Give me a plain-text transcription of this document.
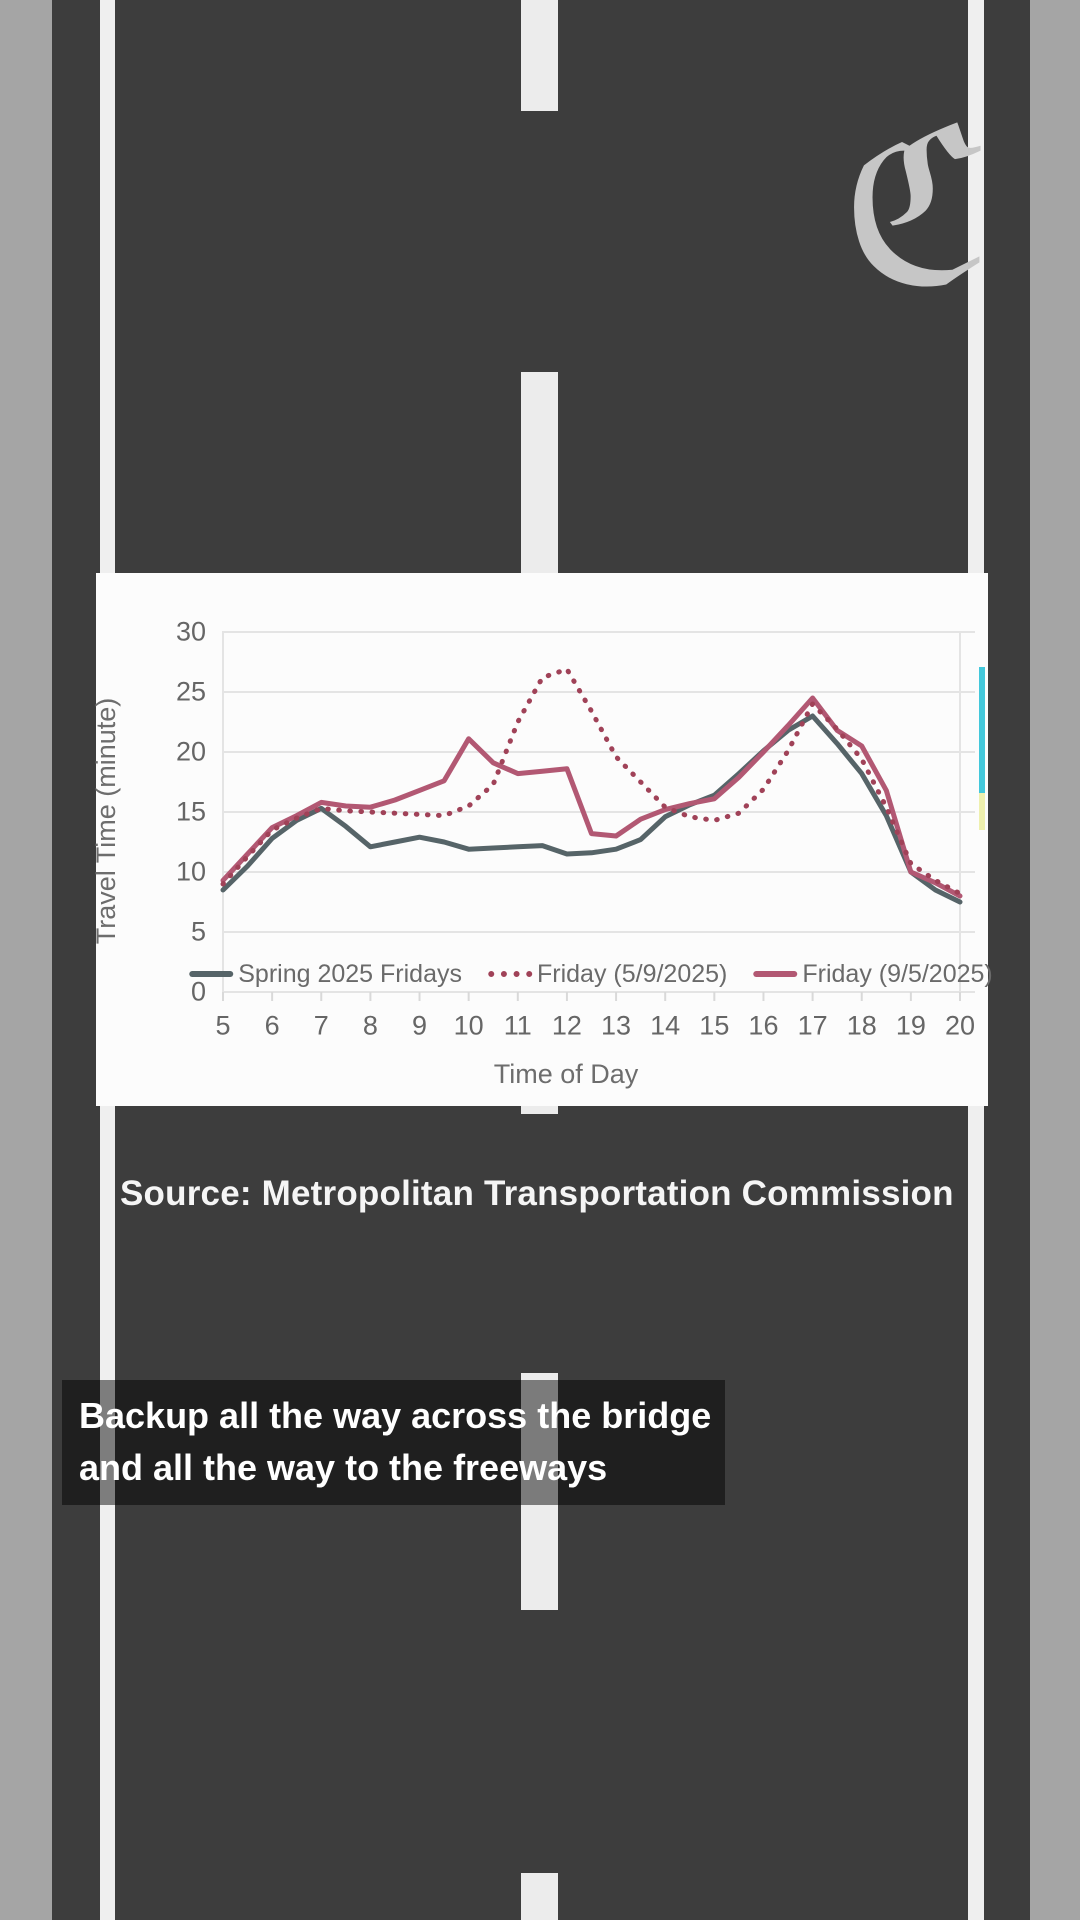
ℭ
Travel Time (minute)
30
25
20
15
10
5
0
5 6 7 8 9 10 11 12 13 14 15 16 17 18 19 20
Spring 2025 Fridays	Friday (5/9/2025)	Friday (9/5/2025)
Time of Day
Source: Metropolitan Transportation Commission
Backup all the way across the bridge
and all the way to the freeways
